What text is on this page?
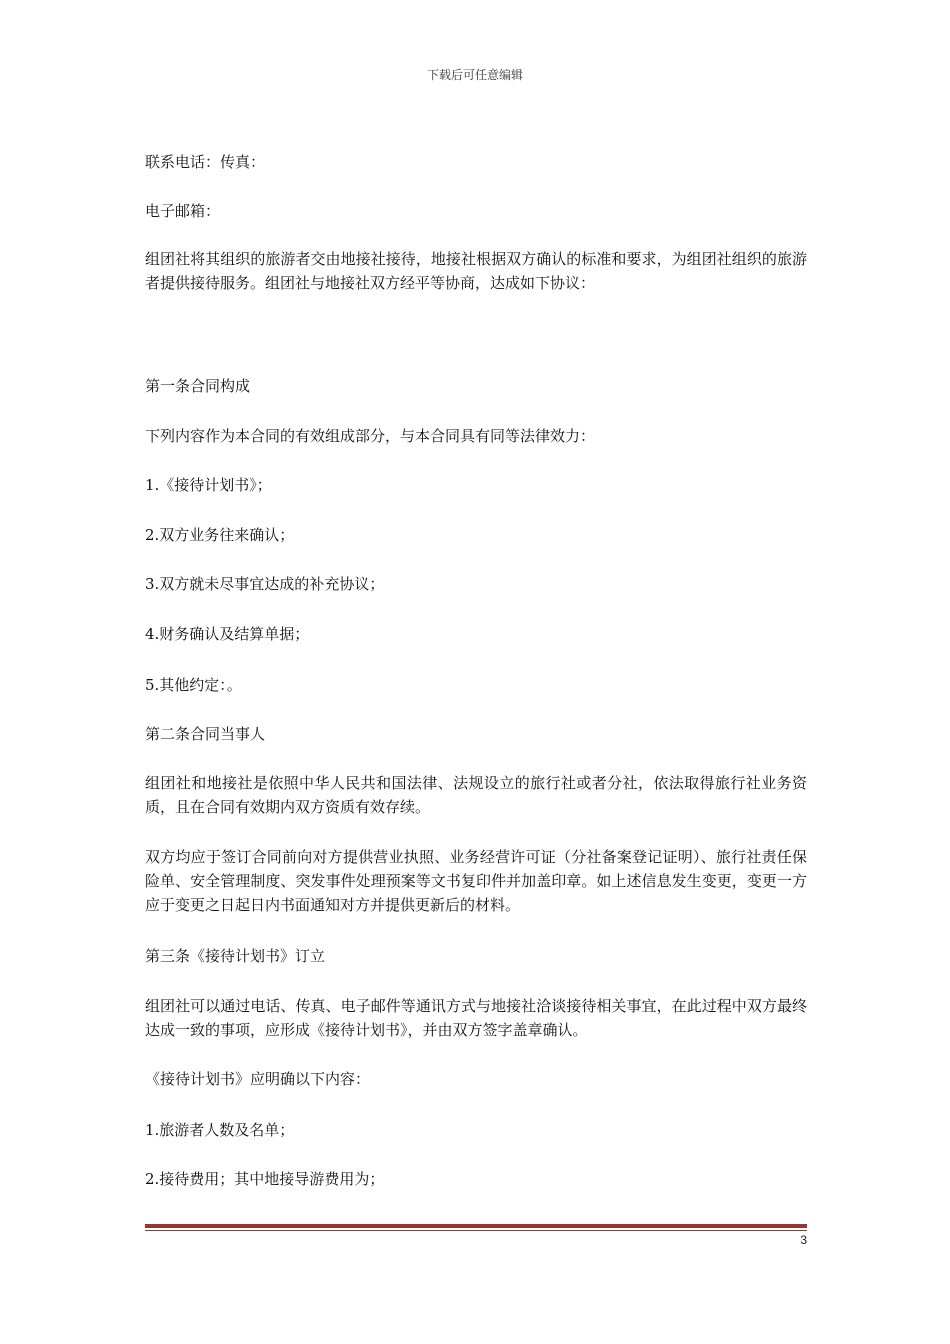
下载后可任意编辑
联系电话：传真：
电子邮箱：
组团社将其组织的旅游者交由地接社接待，地接社根据双方确认的标准和要求，为组团社组织的旅游者提供接待服务。组团社与地接社双方经平等协商，达成如下协议：
第一条合同构成
下列内容作为本合同的有效组成部分，与本合同具有同等法律效力：
1.《接待计划书》；
2.双方业务往来确认；
3.双方就未尽事宜达成的补充协议；
4.财务确认及结算单据；
5.其他约定：。
第二条合同当事人
组团社和地接社是依照中华人民共和国法律、法规设立的旅行社或者分社，依法取得旅行社业务资质，且在合同有效期内双方资质有效存续。
双方均应于签订合同前向对方提供营业执照、业务经营许可证（分社备案登记证明）、旅行社责任保险单、安全管理制度、突发事件处理预案等文书复印件并加盖印章。如上述信息发生变更，变更一方应于变更之日起日内书面通知对方并提供更新后的材料。
第三条《接待计划书》订立
组团社可以通过电话、传真、电子邮件等通讯方式与地接社洽谈接待相关事宜，在此过程中双方最终达成一致的事项，应形成《接待计划书》，并由双方签字盖章确认。
《接待计划书》应明确以下内容：
1.旅游者人数及名单；
2.接待费用；其中地接导游费用为；
3
